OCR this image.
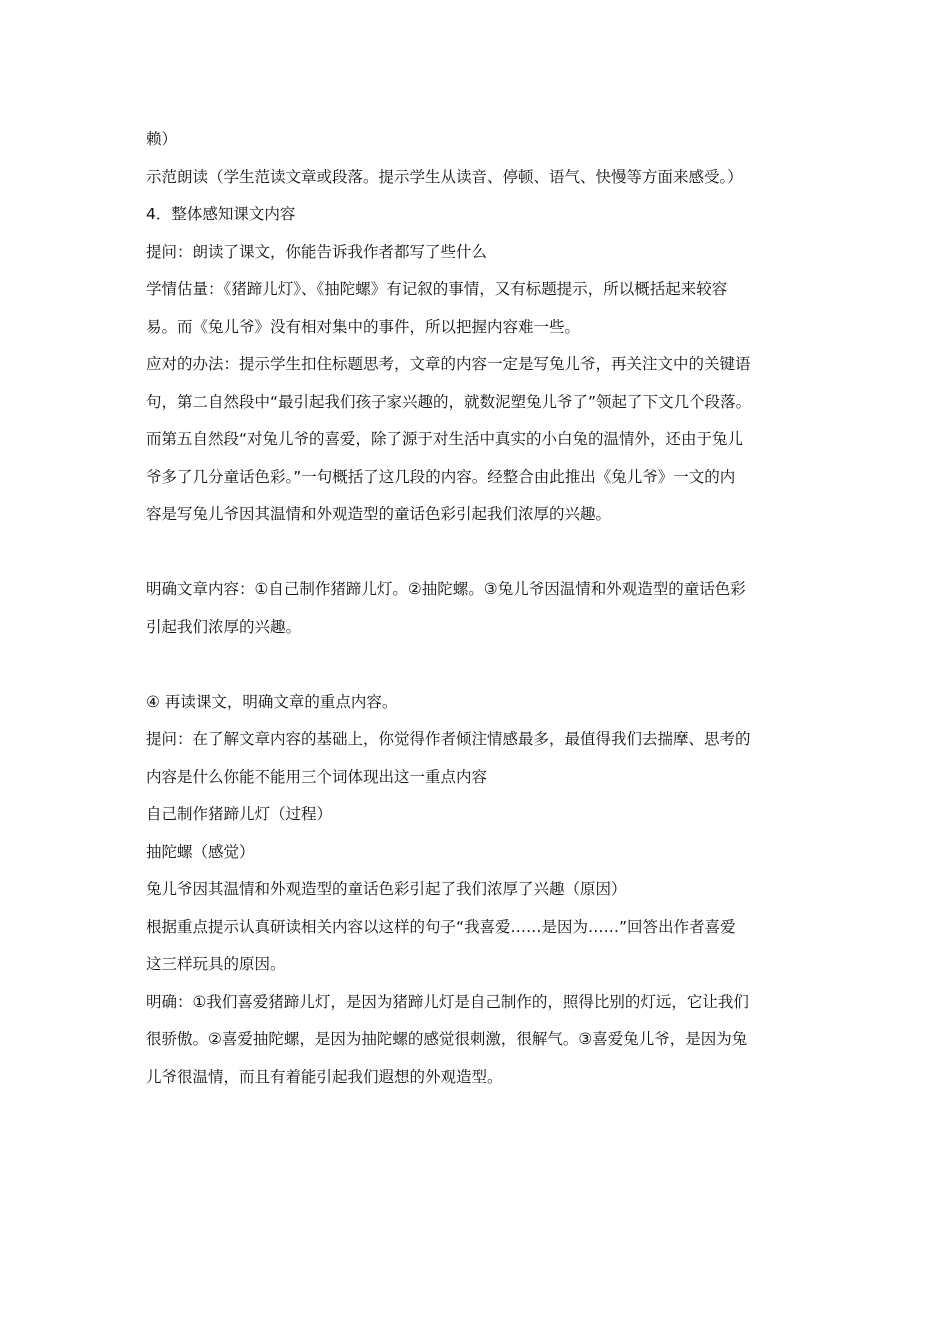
赖）
示范朗读（学生范读文章或段落。提示学生从读音、停顿、语气、快慢等方面来感受。）
4．整体感知课文内容
提问：朗读了课文，你能告诉我作者都写了些什么
学情估量：《猪蹄儿灯》、《抽陀螺》有记叙的事情，又有标题提示，所以概括起来较容
易。而《兔儿爷》没有相对集中的事件，所以把握内容难一些。
应对的办法：提示学生扣住标题思考，文章的内容一定是写兔儿爷，再关注文中的关键语
句，第二自然段中“最引起我们孩子家兴趣的，就数泥塑兔儿爷了”领起了下文几个段落。
而第五自然段“对兔儿爷的喜爱，除了源于对生活中真实的小白兔的温情外，还由于兔儿
爷多了几分童话色彩。”一句概括了这几段的内容。经整合由此推出《兔儿爷》一文的内
容是写兔儿爷因其温情和外观造型的童话色彩引起我们浓厚的兴趣。
明确文章内容：①自己制作猪蹄儿灯。②抽陀螺。③兔儿爷因温情和外观造型的童话色彩
引起我们浓厚的兴趣。
④ 再读课文，明确文章的重点内容。
提问：在了解文章内容的基础上，你觉得作者倾注情感最多，最值得我们去揣摩、思考的
内容是什么你能不能用三个词体现出这一重点内容
自己制作猪蹄儿灯（过程）
抽陀螺（感觉）
兔儿爷因其温情和外观造型的童话色彩引起了我们浓厚了兴趣（原因）
根据重点提示认真研读相关内容以这样的句子“我喜爱……是因为……”回答出作者喜爱
这三样玩具的原因。
明确：①我们喜爱猪蹄儿灯，是因为猪蹄儿灯是自己制作的，照得比别的灯远，它让我们
很骄傲。②喜爱抽陀螺，是因为抽陀螺的感觉很刺激，很解气。③喜爱兔儿爷，是因为兔
儿爷很温情，而且有着能引起我们遐想的外观造型。
